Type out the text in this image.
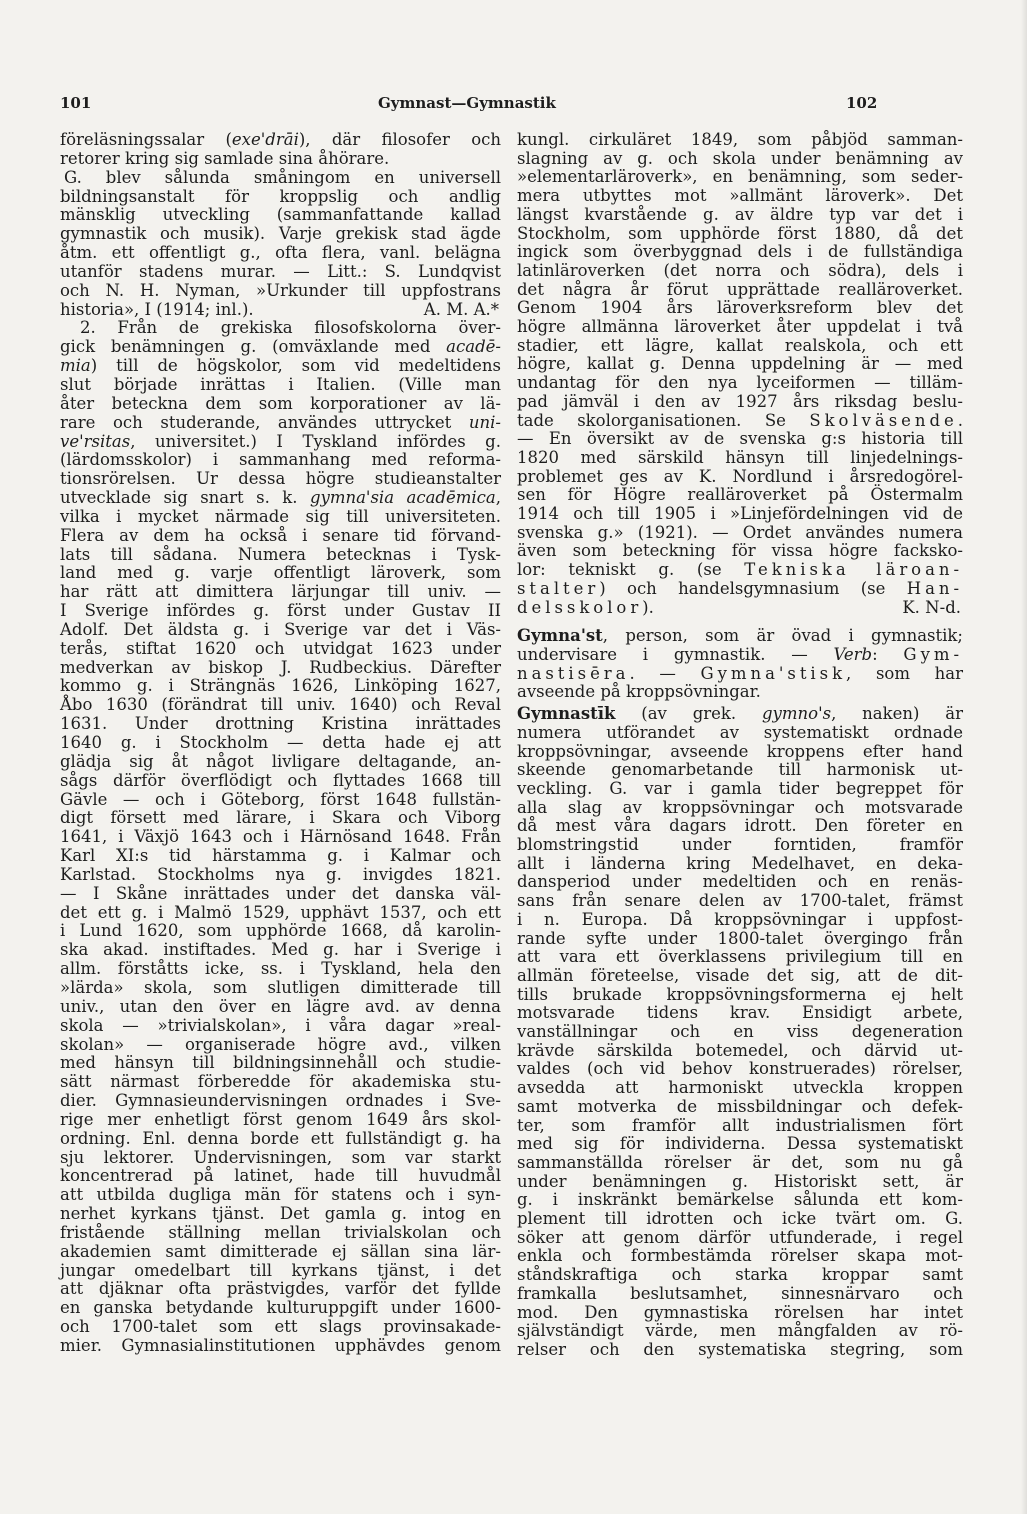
101	Gymnast—Gymnastik	102
föreläsningssalar (exe'drāi), där filosofer och
retorer kring sig samlade sina åhörare.
G. blev sålunda småningom en universell
bildningsanstalt för kroppslig och andlig
mänsklig utveckling (sammanfattande kallad
gymnastik och musik). Varje grekisk stad ägde
åtm. ett offentligt g., ofta flera, vanl. belägna
utanför stadens murar. — Litt.: S. Lundqvist
och N. H. Nyman, »Urkunder till uppfostrans
historia», I (1914; inl.).	A. M. A.*
2. Från de grekiska filosofskolorna över-
gick benämningen g. (omväxlande med acadē-
mia) till de högskolor, som vid medeltidens
slut började inrättas i Italien. (Ville man
åter beteckna dem som korporationer av lä-
rare och studerande, användes uttrycket uni-
ve'rsitas, universitet.) I Tyskland infördes g.
(lärdomsskolor) i sammanhang med reforma-
tionsrörelsen. Ur dessa högre studieanstalter
utvecklade sig snart s. k. gymna'sia acadēmica,
vilka i mycket närmade sig till universiteten.
Flera av dem ha också i senare tid förvand-
lats till sådana. Numera betecknas i Tysk-
land med g. varje offentligt läroverk, som
har rätt att dimittera lärjungar till univ. —
I Sverige infördes g. först under Gustav II
Adolf. Det äldsta g. i Sverige var det i Väs-
terås, stiftat 1620 och utvidgat 1623 under
medverkan av biskop J. Rudbeckius. Därefter
kommo g. i Strängnäs 1626, Linköping 1627,
Åbo 1630 (förändrat till univ. 1640) och Reval
1631. Under drottning Kristina inrättades
1640 g. i Stockholm — detta hade ej att
glädja sig åt något livligare deltagande, an-
sågs därför överflödigt och flyttades 1668 till
Gävle — och i Göteborg, först 1648 fullstän-
digt försett med lärare, i Skara och Viborg
1641, i Växjö 1643 och i Härnösand 1648. Från
Karl XI:s tid härstamma g. i Kalmar och
Karlstad. Stockholms nya g. invigdes 1821.
— I Skåne inrättades under det danska väl-
det ett g. i Malmö 1529, upphävt 1537, och ett
i Lund 1620, som upphörde 1668, då karolin-
ska akad. instiftades. Med g. har i Sverige i
allm. förståtts icke, ss. i Tyskland, hela den
»lärda» skola, som slutligen dimitterade till
univ., utan den över en lägre avd. av denna
skola — »trivialskolan», i våra dagar »real-
skolan» — organiserade högre avd., vilken
med hänsyn till bildningsinnehåll och studie-
sätt närmast förberedde för akademiska stu-
dier. Gymnasieundervisningen ordnades i Sve-
rige mer enhetligt först genom 1649 års skol-
ordning. Enl. denna borde ett fullständigt g. ha
sju lektorer. Undervisningen, som var starkt
koncentrerad på latinet, hade till huvudmål
att utbilda dugliga män för statens och i syn-
nerhet kyrkans tjänst. Det gamla g. intog en
fristående ställning mellan trivialskolan och
akademien samt dimitterade ej sällan sina lär-
jungar omedelbart till kyrkans tjänst, i det
att djäknar ofta prästvigdes, varför det fyllde
en ganska betydande kulturuppgift under 1600-
och 1700-talet som ett slags provinsakade-
mier. Gymnasialinstitutionen upphävdes genom
kungl. cirkuläret 1849, som påbjöd samman-
slagning av g. och skola under benämning av
»elementarläroverk», en benämning, som seder-
mera utbyttes mot »allmänt läroverk». Det
längst kvarstående g. av äldre typ var det i
Stockholm, som upphörde först 1880, då det
ingick som överbyggnad dels i de fullständiga
latinläroverken (det norra och södra), dels i
det några år förut upprättade realläroverket.
Genom 1904 års läroverksreform blev det
högre allmänna läroverket åter uppdelat i två
stadier, ett lägre, kallat realskola, och ett
högre, kallat g. Denna uppdelning är — med
undantag för den nya lyceiformen — tilläm-
pad jämväl i den av 1927 års riksdag beslu-
tade skolorganisationen. Se Skolväsende.
— En översikt av de svenska g:s historia till
1820 med särskild hänsyn till linjedelnings-
problemet ges av K. Nordlund i årsredogörel-
sen för Högre realläroverket på Östermalm
1914 och till 1905 i »Linjefördelningen vid de
svenska g.» (1921). — Ordet användes numera
även som beteckning för vissa högre facksko-
lor: tekniskt g. (se Tekniska läroan-
stalter) och handelsgymnasium (se Han-
delsskolor ).	K. N-d.
Gymna'st, person, som är övad i gymnastik;
undervisare i gymnastik. — Verb: Gym-
nastisēra. — Gymna'stisk, som har
avseende på kroppsövningar.
Gymnastīk (av grek. gymno's, naken) är
numera utförandet av systematiskt ordnade
kroppsövningar, avseende kroppens efter hand
skeende genomarbetande till harmonisk ut-
veckling. G. var i gamla tider begreppet för
alla slag av kroppsövningar och motsvarade
då mest våra dagars idrott. Den företer en
blomstringstid under forntiden, framför
allt i länderna kring Medelhavet, en deka-
dansperiod under medeltiden och en renäs-
sans från senare delen av 1700-talet, främst
i n. Europa. Då kroppsövningar i uppfost-
rande syfte under 1800-talet övergingo från
att vara ett överklassens privilegium till en
allmän företeelse, visade det sig, att de dit-
tills brukade kroppsövningsformerna ej helt
motsvarade tidens krav. Ensidigt arbete,
vanställningar och en viss degeneration
krävde särskilda botemedel, och därvid ut-
valdes (och vid behov konstruerades) rörelser,
avsedda att harmoniskt utveckla kroppen
samt motverka de missbildningar och defek-
ter, som framför allt industrialismen fört
med sig för individerna. Dessa systematiskt
sammanställda rörelser är det, som nu gå
under benämningen g. Historiskt sett, är
g. i inskränkt bemärkelse sålunda ett kom-
plement till idrotten och icke tvärt om. G.
söker att genom därför utfunderade, i regel
enkla och formbestämda rörelser skapa mot-
ståndskraftiga och starka kroppar samt
framkalla beslutsamhet, sinnesnärvaro och
mod. Den gymnastiska rörelsen har intet
självständigt värde, men mångfalden av rö-
relser och den systematiska stegring, som
